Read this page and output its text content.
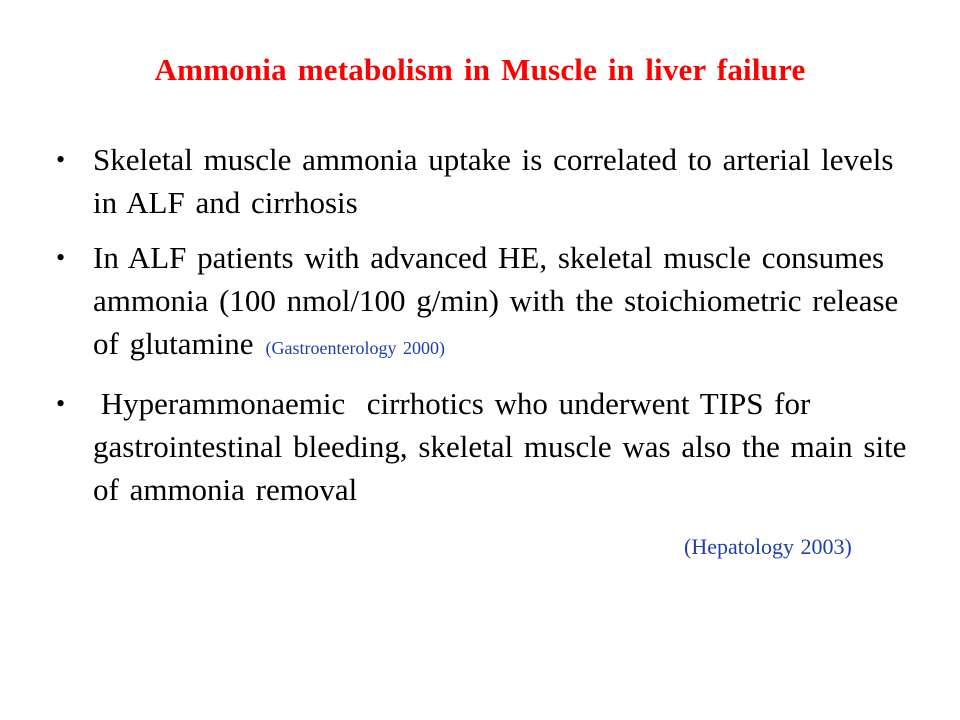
Ammonia metabolism in Muscle in liver failure
• Skeletal muscle ammonia uptake is correlated to arterial levels in ALF and cirrhosis
• In ALF patients with advanced HE, skeletal muscle consumes ammonia (100 nmol/100 g/min) with the stoichiometric release of glutamine (Gastroenterology 2000)
• Hyperammonaemic  cirrhotics who underwent TIPS for gastrointestinal bleeding, skeletal muscle was also the main site of ammonia removal
(Hepatology 2003)
